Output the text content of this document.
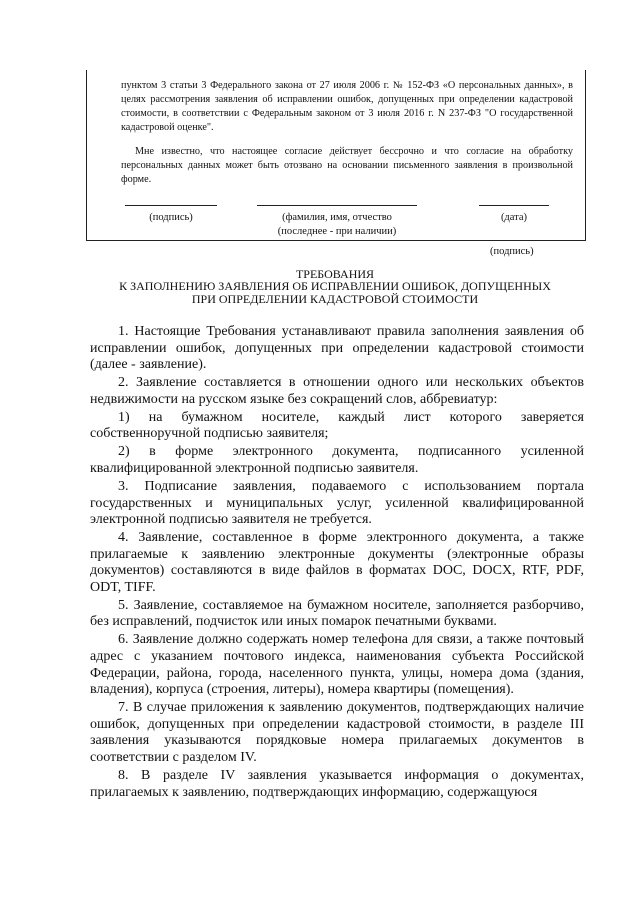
пунктом 3 статьи 3 Федерального закона от 27 июля 2006 г. № 152-ФЗ «О персональных данных», в целях рассмотрения заявления об исправлении ошибок, допущенных при определении кадастровой стоимости, в соответствии с Федеральным законом от 3 июля 2016 г. N 237-ФЗ "О государственной кадастровой оценке".
Мне известно, что настоящее согласие действует бессрочно и что согласие на обработку персональных данных может быть отозвано на основании письменного заявления в произвольной форме.
(подпись)	(фамилия, имя, отчество
(последнее - при наличии)
(дата)
(подпись)
ТРЕБОВАНИЯ
К ЗАПОЛНЕНИЮ ЗАЯВЛЕНИЯ ОБ ИСПРАВЛЕНИИ ОШИБОК, ДОПУЩЕННЫХ
ПРИ ОПРЕДЕЛЕНИИ КАДАСТРОВОЙ СТОИМОСТИ

1. Настоящие Требования устанавливают правила заполнения заявления об исправлении ошибок, допущенных при определении кадастровой стоимости (далее - заявление).

2. Заявление составляется в отношении одного или нескольких объектов недвижимости на русском языке без сокращений слов, аббревиатур:

1) на бумажном носителе, каждый лист которого заверяется собственноручной подписью заявителя;

2) в форме электронного документа, подписанного усиленной квалифицированной электронной подписью заявителя.

3. Подписание заявления, подаваемого с использованием портала государственных и муниципальных услуг, усиленной квалифицированной электронной подписью заявителя не требуется.

4. Заявление, составленное в форме электронного документа, а также прилагаемые к заявлению электронные документы (электронные образы документов) составляются в виде файлов в форматах DOC, DOCX, RTF, PDF, ODT, TIFF.

5. Заявление, составляемое на бумажном носителе, заполняется разборчиво, без исправлений, подчисток или иных помарок печатными буквами.

6. Заявление должно содержать номер телефона для связи, а также почтовый адрес с указанием почтового индекса, наименования субъекта Российской Федерации, района, города, населенного пункта, улицы, номера дома (здания, владения), корпуса (строения, литеры), номера квартиры (помещения).

7. В случае приложения к заявлению документов, подтверждающих наличие ошибок, допущенных при определении кадастровой стоимости, в разделе III заявления указываются порядковые номера прилагаемых документов в соответствии с разделом IV.

8. В разделе IV заявления указывается информация о документах, прилагаемых к заявлению, подтверждающих информацию, содержащуюся
